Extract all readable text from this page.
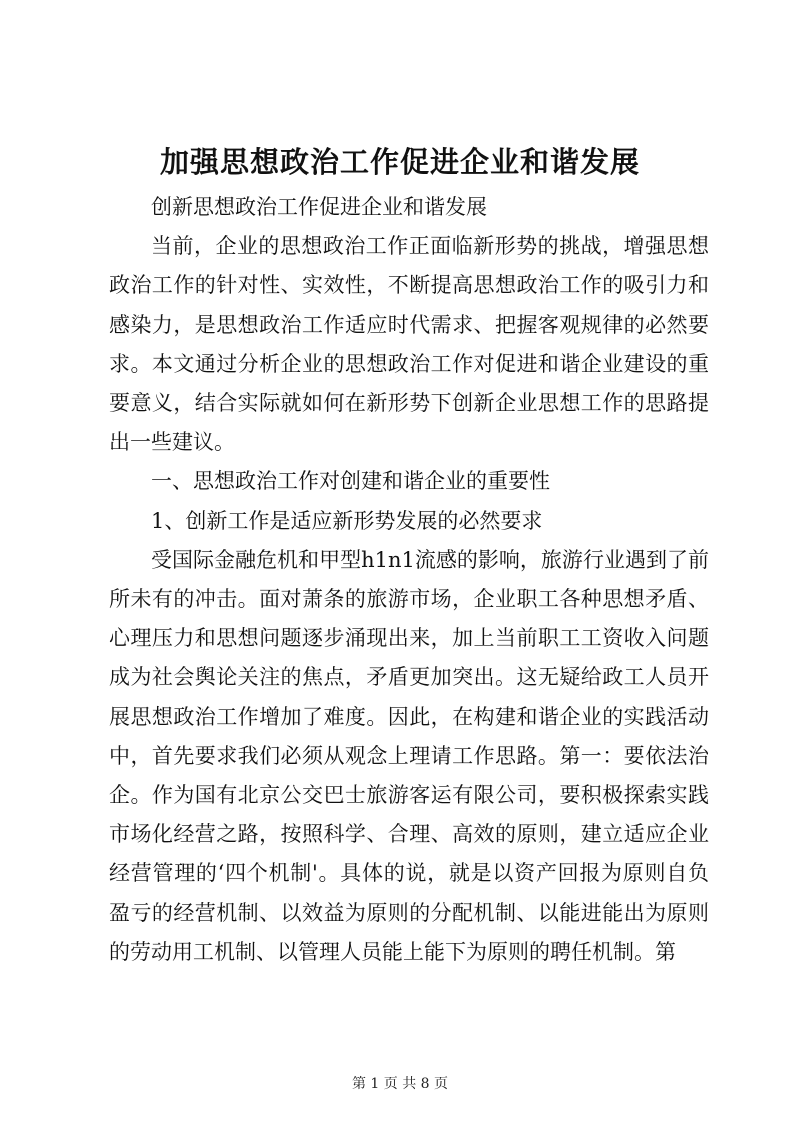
加强思想政治工作促进企业和谐发展

创新思想政治工作促进企业和谐发展

当前，企业的思想政治工作正面临新形势的挑战，增强思想政治工作的针对性、实效性，不断提高思想政治工作的吸引力和感染力，是思想政治工作适应时代需求、把握客观规律的必然要求。本文通过分析企业的思想政治工作对促进和谐企业建设的重要意义，结合实际就如何在新形势下创新企业思想工作的思路提出一些建议。

一、思想政治工作对创建和谐企业的重要性

1、创新工作是适应新形势发展的必然要求

受国际金融危机和甲型h1n1流感的影响，旅游行业遇到了前所未有的冲击。面对萧条的旅游市场，企业职工各种思想矛盾、心理压力和思想问题逐步涌现出来，加上当前职工工资收入问题成为社会舆论关注的焦点，矛盾更加突出。这无疑给政工人员开展思想政治工作增加了难度。因此，在构建和谐企业的实践活动中，首先要求我们必须从观念上理请工作思路。第一：要依法治企。作为国有北京公交巴士旅游客运有限公司，要积极探索实践市场化经营之路，按照科学、合理、高效的原则，建立适应企业经营管理的‘四个机制'。具体的说，就是以资产回报为原则自负盈亏的经营机制、以效益为原则的分配机制、以能进能出为原则的劳动用工机制、以管理人员能上能下为原则的聘任机制。第

第 1 页 共 8 页
